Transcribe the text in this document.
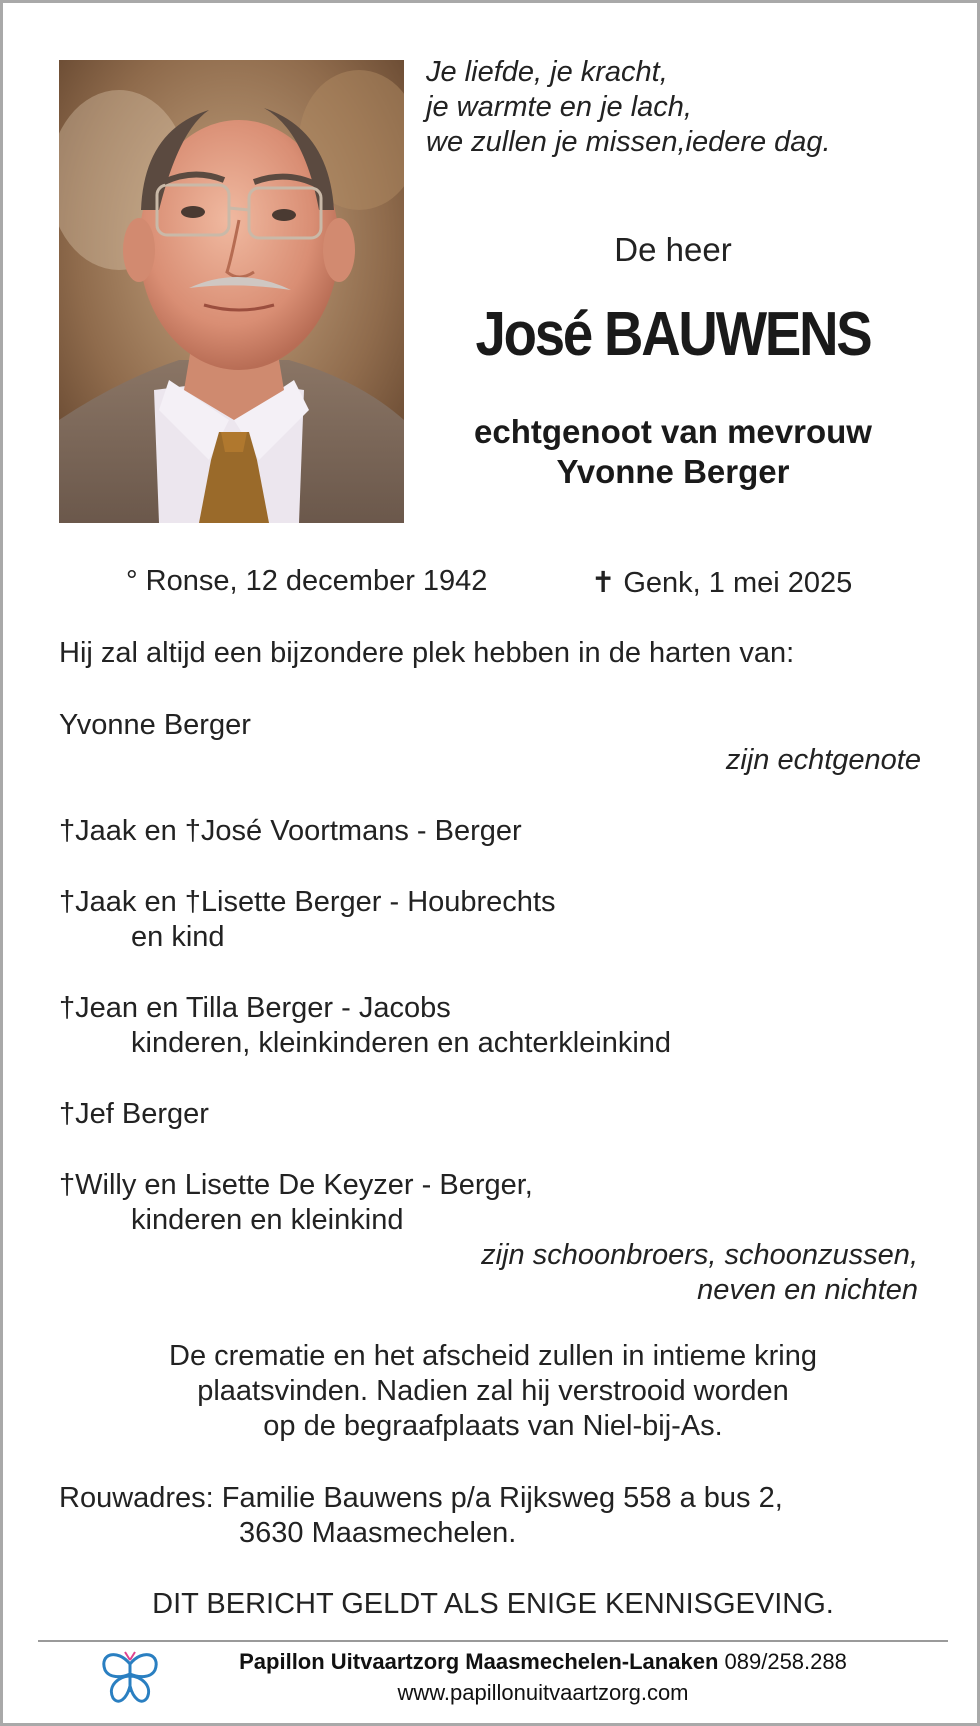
Je liefde, je kracht,
je warmte en je lach,
we zullen je missen,iedere dag.
De heer
José BAUWENS
echtgenoot van mevrouw
Yvonne Berger
° Ronse, 12 december 1942	✝ Genk, 1 mei 2025
Hij zal altijd een bijzondere plek hebben in de harten van:
Yvonne Berger
zijn echtgenote
†Jaak en †José Voortmans - Berger
†Jaak en †Lisette Berger - Houbrechts
en kind
†Jean en Tilla Berger - Jacobs
kinderen, kleinkinderen en achterkleinkind
†Jef Berger
†Willy en Lisette De Keyzer - Berger,
kinderen en kleinkind
zijn schoonbroers, schoonzussen,
neven en nichten
De crematie en het afscheid zullen in intieme kring
plaatsvinden. Nadien zal hij verstrooid worden
op de begraafplaats van Niel-bij-As.
Rouwadres: Familie Bauwens p/a Rijksweg 558 a bus 2,
3630 Maasmechelen.
DIT BERICHT GELDT ALS ENIGE KENNISGEVING.
Papillon Uitvaartzorg Maasmechelen-Lanaken 089/258.288
www.papillonuitvaartzorg.com
